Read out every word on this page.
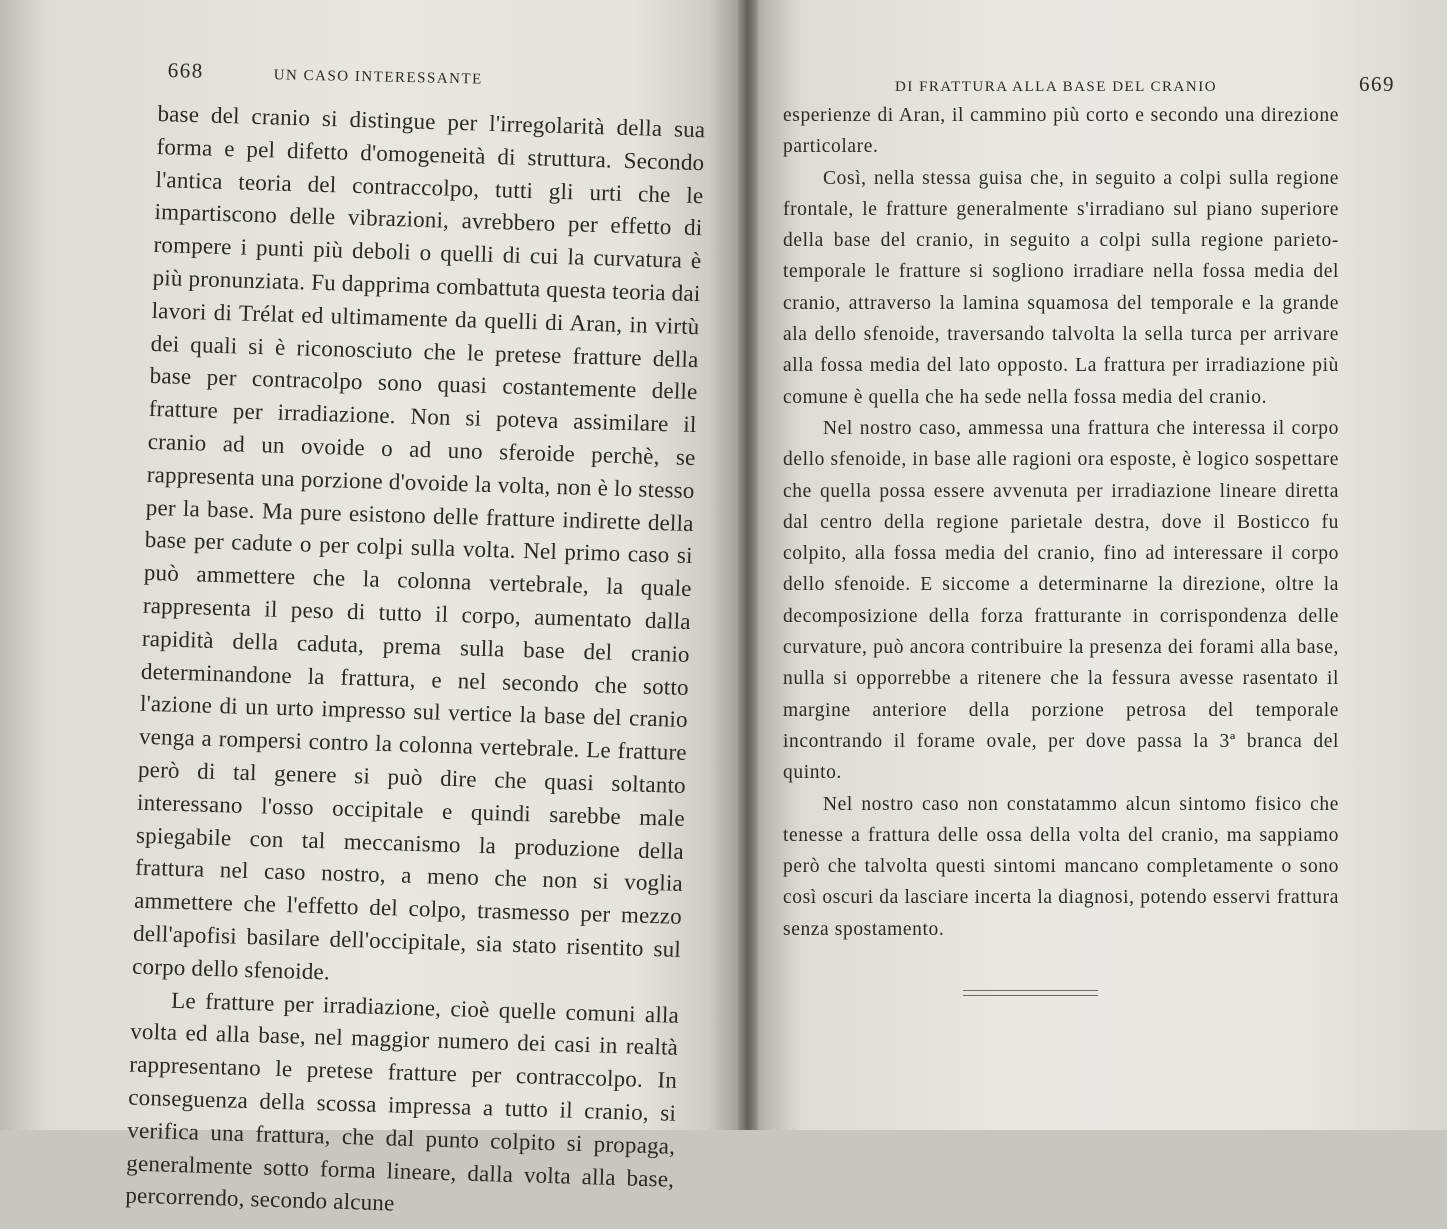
668	UN CASO INTERESSANTE

base del cranio si distingue per l'irregolarità della sua forma e pel difetto d'omogeneità di struttura. Secondo l'antica teoria del contraccolpo, tutti gli urti che le impartiscono delle vibrazioni, avrebbero per effetto di rompere i punti più deboli o quelli di cui la curvatura è più pronunziata. Fu dapprima combattuta questa teoria dai lavori di Trélat ed ultimamente da quelli di Aran, in virtù dei quali si è riconosciuto che le pretese fratture della base per contracolpo sono quasi costantemente delle fratture per irradiazione. Non si poteva assimilare il cranio ad un ovoide o ad uno sferoide perchè, se rappresenta una porzione d'ovoide la volta, non è lo stesso per la base. Ma pure esistono delle fratture indirette della base per cadute o per colpi sulla volta. Nel primo caso si può ammettere che la colonna vertebrale, la quale rappresenta il peso di tutto il corpo, aumentato dalla rapidità della caduta, prema sulla base del cranio determinandone la frattura, e nel secondo che sotto l'azione di un urto impresso sul vertice la base del cranio venga a rompersi contro la colonna vertebrale. Le fratture però di tal genere si può dire che quasi soltanto interessano l'osso occipitale e quindi sarebbe male spiegabile con tal meccanismo la produzione della frattura nel caso nostro, a meno che non si voglia ammettere che l'effetto del colpo, trasmesso per mezzo dell'apofisi basilare dell'occipitale, sia stato risentito sul corpo dello sfenoide.

Le fratture per irradiazione, cioè quelle comuni alla volta ed alla base, nel maggior numero dei casi in realtà rappresentano le pretese fratture per contraccolpo. In conseguenza della scossa impressa a tutto il cranio, si verifica una frattura, che dal punto colpito si propaga, generalmente sotto forma lineare, dalla volta alla base, percorrendo, secondo alcune

DI FRATTURA ALLA BASE DEL CRANIO	669

esperienze di Aran, il cammino più corto e secondo una direzione particolare.

Così, nella stessa guisa che, in seguito a colpi sulla regione frontale, le fratture generalmente s'irradiano sul piano superiore della base del cranio, in seguito a colpi sulla regione parieto-temporale le fratture si sogliono irradiare nella fossa media del cranio, attraverso la lamina squamosa del temporale e la grande ala dello sfenoide, traversando talvolta la sella turca per arrivare alla fossa media del lato opposto. La frattura per irradiazione più comune è quella che ha sede nella fossa media del cranio.

Nel nostro caso, ammessa una frattura che interessa il corpo dello sfenoide, in base alle ragioni ora esposte, è logico sospettare che quella possa essere avvenuta per irradiazione lineare diretta dal centro della regione parietale destra, dove il Bosticco fu colpito, alla fossa media del cranio, fino ad interessare il corpo dello sfenoide. E siccome a determinarne la direzione, oltre la decomposizione della forza fratturante in corrispondenza delle curvature, può ancora contribuire la presenza dei forami alla base, nulla si opporrebbe a ritenere che la fessura avesse rasentato il margine anteriore della porzione petrosa del temporale incontrando il forame ovale, per dove passa la 3ª branca del quinto.

Nel nostro caso non constatammo alcun sintomo fisico che tenesse a frattura delle ossa della volta del cranio, ma sappiamo però che talvolta questi sintomi mancano completamente o sono così oscuri da lasciare incerta la diagnosi, potendo esservi frattura senza spostamento.
